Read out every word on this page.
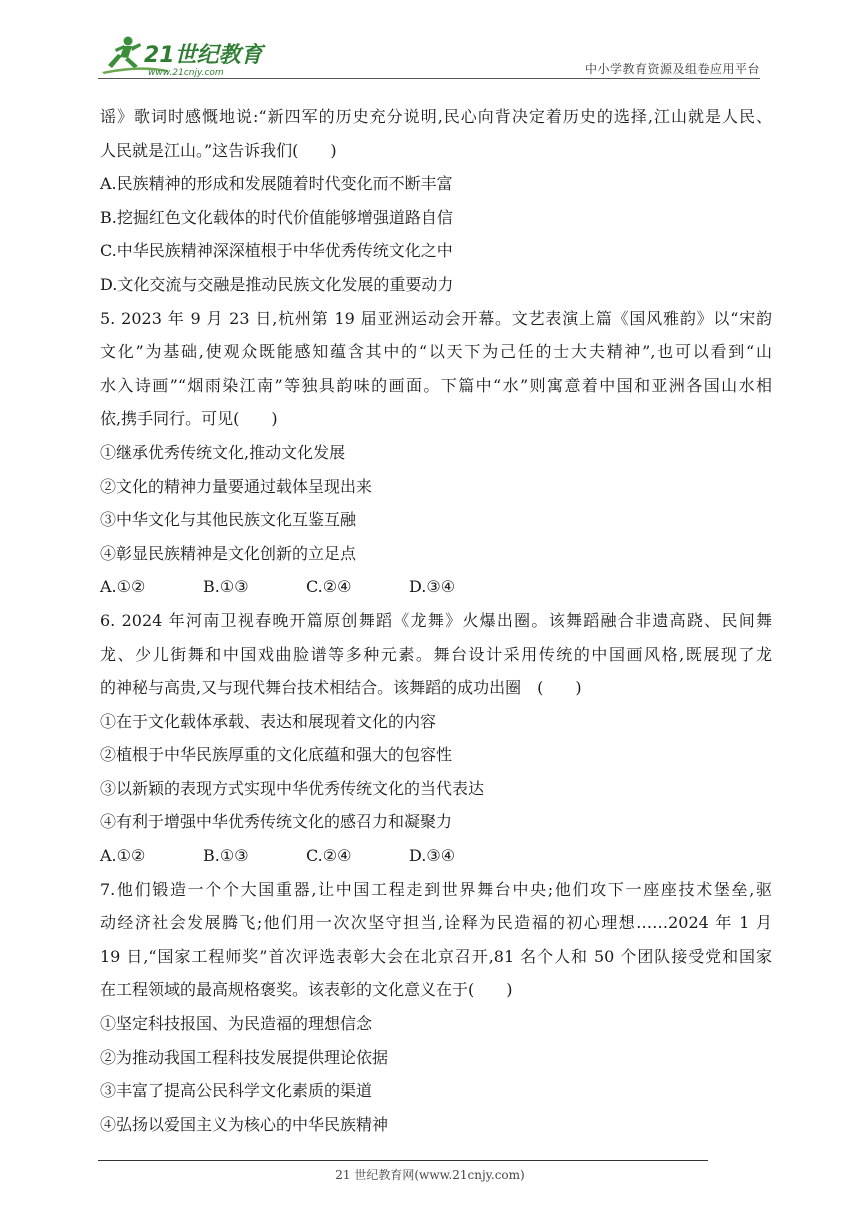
21世纪教育
www.21cnjy.com	中小学教育资源及组卷应用平台
谣》歌词时感慨地说:“新四军的历史充分说明,民心向背决定着历史的选择,江山就是人民、
人民就是江山。”这告诉我们(　　)
A.民族精神的形成和发展随着时代变化而不断丰富
B.挖掘红色文化载体的时代价值能够增强道路自信
C.中华民族精神深深植根于中华优秀传统文化之中
D.文化交流与交融是推动民族文化发展的重要动力
5. 2023 年 9 月 23 日,杭州第 19 届亚洲运动会开幕。文艺表演上篇《国风雅韵》以“宋韵
文化”为基础,使观众既能感知蕴含其中的“以天下为己任的士大夫精神”,也可以看到“山
水入诗画”“烟雨染江南”等独具韵味的画面。下篇中“水”则寓意着中国和亚洲各国山水相
依,携手同行。可见(　　)
①继承优秀传统文化,推动文化发展
②文化的精神力量要通过载体呈现出来
③中华文化与其他民族文化互鉴互融
④彰显民族精神是文化创新的立足点
A.①②	B.①③	C.②④	D.③④
6. 2024 年河南卫视春晚开篇原创舞蹈《龙舞》火爆出圈。该舞蹈融合非遗高跷、民间舞
龙、少儿街舞和中国戏曲脸谱等多种元素。舞台设计采用传统的中国画风格,既展现了龙
的神秘与高贵,又与现代舞台技术相结合。该舞蹈的成功出圈　(　　)
①在于文化载体承载、表达和展现着文化的内容
②植根于中华民族厚重的文化底蕴和强大的包容性
③以新颖的表现方式实现中华优秀传统文化的当代表达
④有利于增强中华优秀传统文化的感召力和凝聚力
A.①②	B.①③	C.②④	D.③④
7.他们锻造一个个大国重器,让中国工程走到世界舞台中央;他们攻下一座座技术堡垒,驱
动经济社会发展腾飞;他们用一次次坚守担当,诠释为民造福的初心理想……2024 年 1 月
19 日,“国家工程师奖”首次评选表彰大会在北京召开,81 名个人和 50 个团队接受党和国家
在工程领域的最高规格褒奖。该表彰的文化意义在于(　　)
①坚定科技报国、为民造福的理想信念
②为推动我国工程科技发展提供理论依据
③丰富了提高公民科学文化素质的渠道
④弘扬以爱国主义为核心的中华民族精神
21 世纪教育网(www.21cnjy.com)
